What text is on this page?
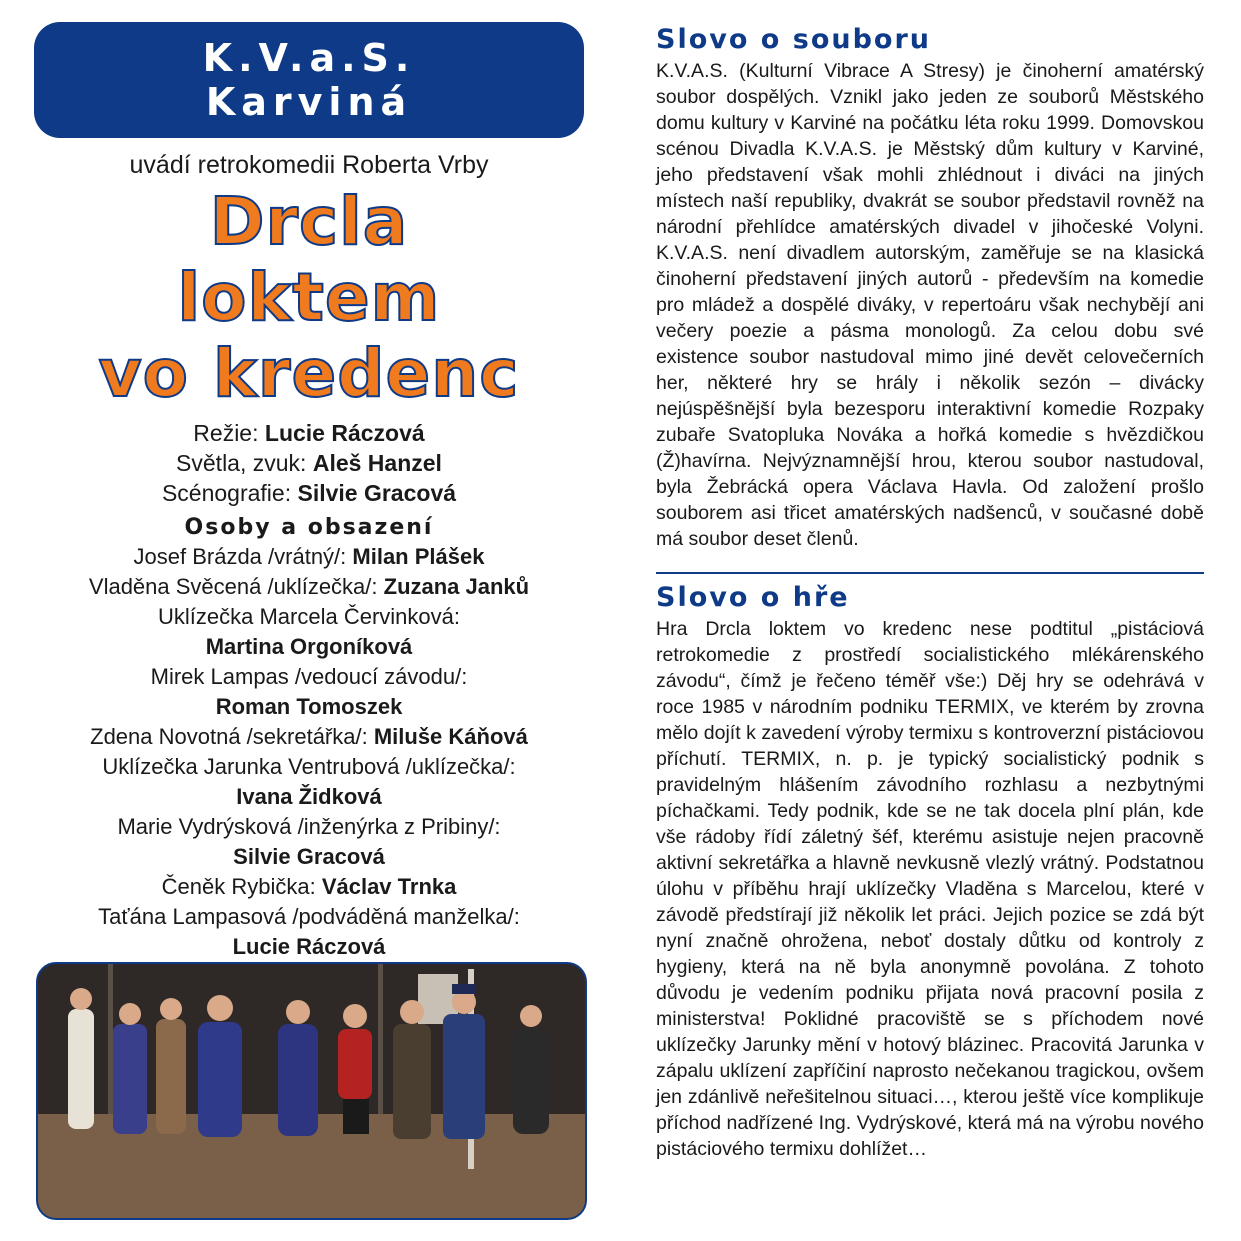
K.V.a.S.
Karviná
uvádí retrokomedii Roberta Vrby
Drcla
loktem
vo kredenc
Režie: Lucie Ráczová
Světla, zvuk: Aleš Hanzel
Scénografie: Silvie Gracová
Osoby a obsazení
Josef Brázda /vrátný/: Milan Plášek
Vladěna Svěcená /uklízečka/: Zuzana Janků
Uklízečka Marcela Červinková:
Martina Orgoníková
Mirek Lampas /vedoucí závodu/:
Roman Tomoszek
Zdena Novotná /sekretářka/: Miluše Káňová
Uklízečka Jarunka Ventrubová /uklízečka/:
Ivana Židková
Marie Vydrýsková /inženýrka z Pribiny/:
Silvie Gracová
Čeněk Rybička: Václav Trnka
Taťána Lampasová /podváděná manželka/:
Lucie Ráczová
Slovo o souboru

K.V.A.S. (Kulturní Vibrace A Stresy) je činoherní amatérský soubor dospělých. Vznikl jako jeden ze souborů Městského domu kultury v Karviné na počátku léta roku 1999. Domovskou scénou Divadla K.V.A.S. je Městský dům kultury v Karviné, jeho představení však mohli zhlédnout i diváci na jiných místech naší republiky, dvakrát se soubor představil rovněž na národní přehlídce amatérských divadel v jihočeské Volyni. K.V.A.S. není divadlem autorským, zaměřuje se na klasická činoherní představení jiných autorů - především na komedie pro mládež a dospělé diváky, v repertoáru však nechybějí ani večery poezie a pásma monologů. Za celou dobu své existence soubor nastudoval mimo jiné devět celovečerních her, některé hry se hrály i několik sezón – divácky nejúspěšnější byla bezesporu interaktivní komedie Rozpaky zubaře Svatopluka Nováka a hořká komedie s hvězdičkou (Ž)havírna. Nejvýznamnější hrou, kterou soubor nastudoval, byla Žebrácká opera Václava Havla. Od založení prošlo souborem asi třicet amatérských nadšenců, v současné době má soubor deset členů.

Slovo o hře

Hra Drcla loktem vo kredenc nese podtitul „pistáciová retrokomedie z prostředí socialistického mlékárenského závodu“, čímž je řečeno téměř vše:) Děj hry se odehrává v roce 1985 v národním podniku TERMIX, ve kterém by zrovna mělo dojít k zavedení výroby termixu s kontroverzní pistáciovou příchutí. TERMIX, n. p. je typický socialistický podnik s pravidelným hlášením závodního rozhlasu a nezbytnými píchačkami. Tedy podnik, kde se ne tak docela plní plán, kde vše rádoby řídí záletný šéf, kterému asistuje nejen pracovně aktivní sekretářka a hlavně nevkusně vlezlý vrátný. Podstatnou úlohu v příběhu hrají uklízečky Vladěna s Marcelou, které v závodě předstírají již několik let práci. Jejich pozice se zdá být nyní značně ohrožena, neboť dostaly důtku od kontroly z hygieny, která na ně byla anonymně povolána. Z tohoto důvodu je vedením podniku přijata nová pracovní posila z ministerstva! Poklidné pracoviště se s příchodem nové uklízečky Jarunky mění v hotový blázinec. Pracovitá Jarunka v zápalu uklízení zapříčiní naprosto nečekanou tragickou, ovšem jen zdánlivě neřešitelnou situaci…, kterou ještě více komplikuje příchod nadřízené Ing. Vydrýskové, která má na výrobu nového pistáciového termixu dohlížet…
